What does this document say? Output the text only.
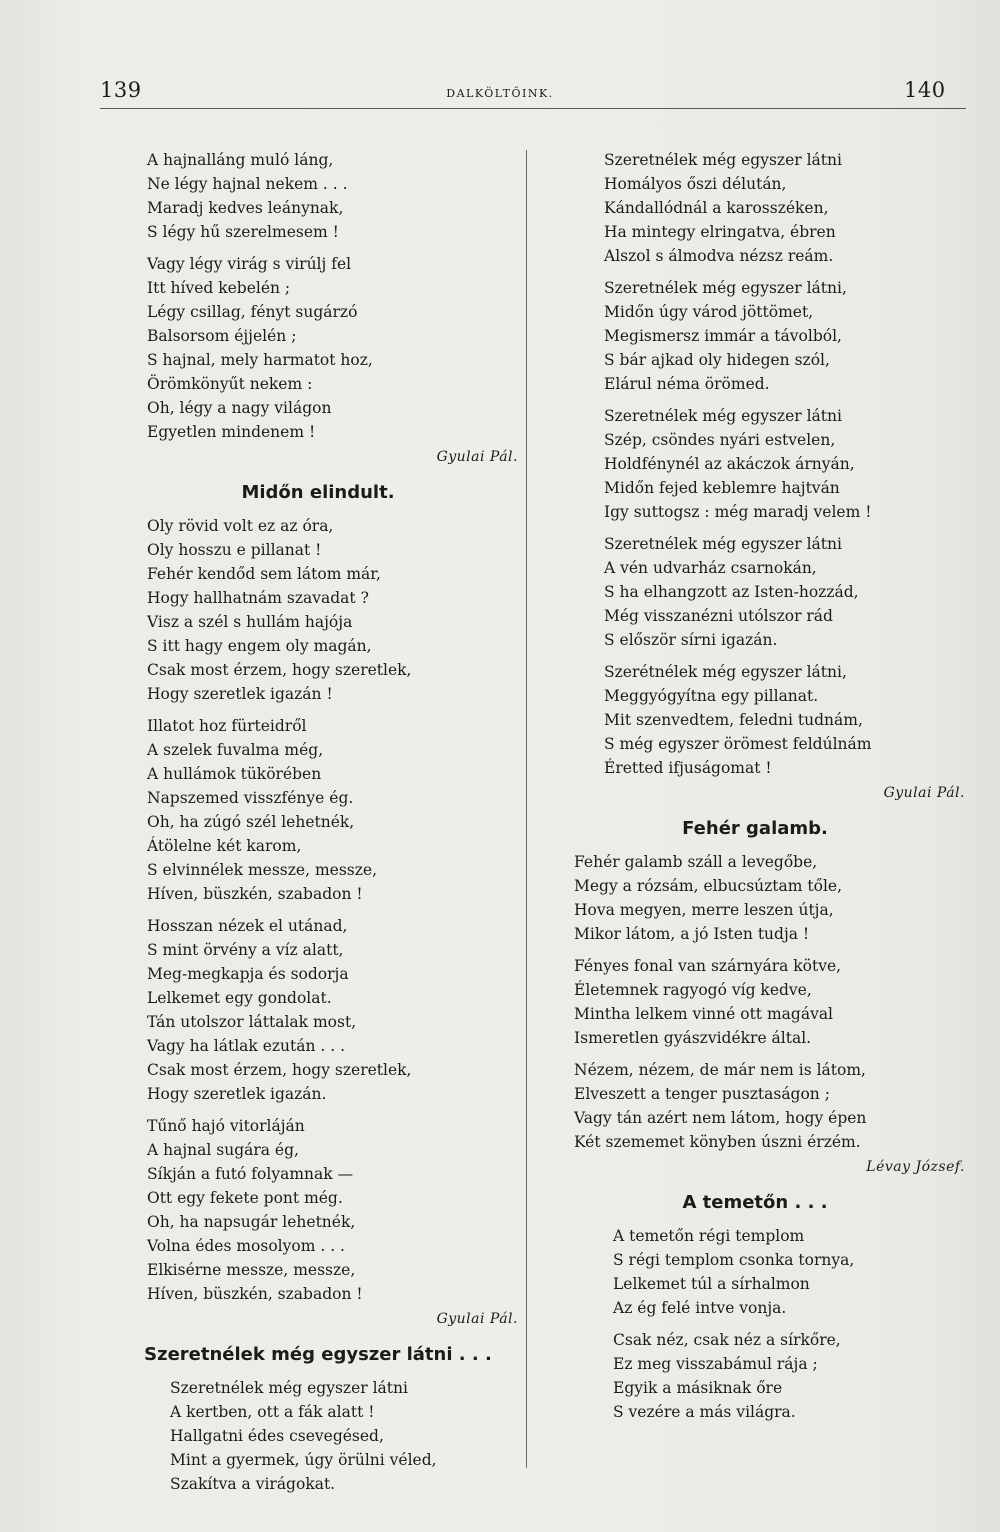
139	DALKÖLTŐINK.	140
A hajnalláng muló láng,
Ne légy hajnal nekem . . .
Maradj kedves leánynak,
S légy hű szerelmesem !
Vagy légy virág s virúlj fel
Itt híved kebelén ;
Légy csillag, fényt sugárzó
Balsorsom éjjelén ;
S hajnal, mely harmatot hoz,
Örömkönyűt nekem :
Oh, légy a nagy világon
Egyetlen mindenem !
Gyulai Pál.
Midőn elindult.
Oly rövid volt ez az óra,
Oly hosszu e pillanat !
Fehér kendőd sem látom már,
Hogy hallhatnám szavadat ?
Visz a szél s hullám hajója
S itt hagy engem oly magán,
Csak most érzem, hogy szeretlek,
Hogy szeretlek igazán !
Illatot hoz fürteidről
A szelek fuvalma még,
A hullámok tükörében
Napszemed visszfénye ég.
Oh, ha zúgó szél lehetnék,
Átölelne két karom,
S elvinnélek messze, messze,
Híven, büszkén, szabadon !
Hosszan nézek el utánad,
S mint örvény a víz alatt,
Meg-megkapja és sodorja
Lelkemet egy gondolat.
Tán utolszor láttalak most,
Vagy ha látlak ezután . . .
Csak most érzem, hogy szeretlek,
Hogy szeretlek igazán.
Tűnő hajó vitorláján
A hajnal sugára ég,
Síkján a futó folyamnak —
Ott egy fekete pont még.
Oh, ha napsugár lehetnék,
Volna édes mosolyom . . .
Elkisérne messze, messze,
Híven, büszkén, szabadon !
Gyulai Pál.
Szeretnélek még egyszer látni . . .
Szeretnélek még egyszer látni
A kertben, ott a fák alatt !
Hallgatni édes csevegésed,
Mint a gyermek, úgy örülni véled,
Szakítva a virágokat.
Szeretnélek még egyszer látni
Homályos őszi délután,
Kándallódnál a karosszéken,
Ha mintegy elringatva, ébren
Alszol s álmodva nézsz reám.
Szeretnélek még egyszer látni,
Midőn úgy várod jöttömet,
Megismersz immár a távolból,
S bár ajkad oly hidegen szól,
Elárul néma örömed.
Szeretnélek még egyszer látni
Szép, csöndes nyári estvelen,
Holdfénynél az akáczok árnyán,
Midőn fejed keblemre hajtván
Igy suttogsz : még maradj velem !
Szeretnélek még egyszer látni
A vén udvarház csarnokán,
S ha elhangzott az Isten-hozzád,
Még visszanézni utólszor rád
S először sírni igazán.
Szerétnélek még egyszer látni,
Meggyógyítna egy pillanat.
Mit szenvedtem, feledni tudnám,
S még egyszer örömest feldúlnám
Éretted ifjuságomat !
Gyulai Pál.
Fehér galamb.
Fehér galamb száll a levegőbe,
Megy a rózsám, elbucsúztam tőle,
Hova megyen, merre leszen útja,
Mikor látom, a jó Isten tudja !
Fényes fonal van szárnyára kötve,
Életemnek ragyogó víg kedve,
Mintha lelkem vinné ott magával
Ismeretlen gyászvidékre által.
Nézem, nézem, de már nem is látom,
Elveszett a tenger pusztaságon ;
Vagy tán azért nem látom, hogy épen
Két szememet könyben úszni érzém.
Lévay József.
A temetőn . . .
A temetőn régi templom
S régi templom csonka tornya,
Lelkemet túl a sírhalmon
Az ég felé intve vonja.
Csak néz, csak néz a sírkőre,
Ez meg visszabámul rája ;
Egyik a másiknak őre
S vezére a más világra.
